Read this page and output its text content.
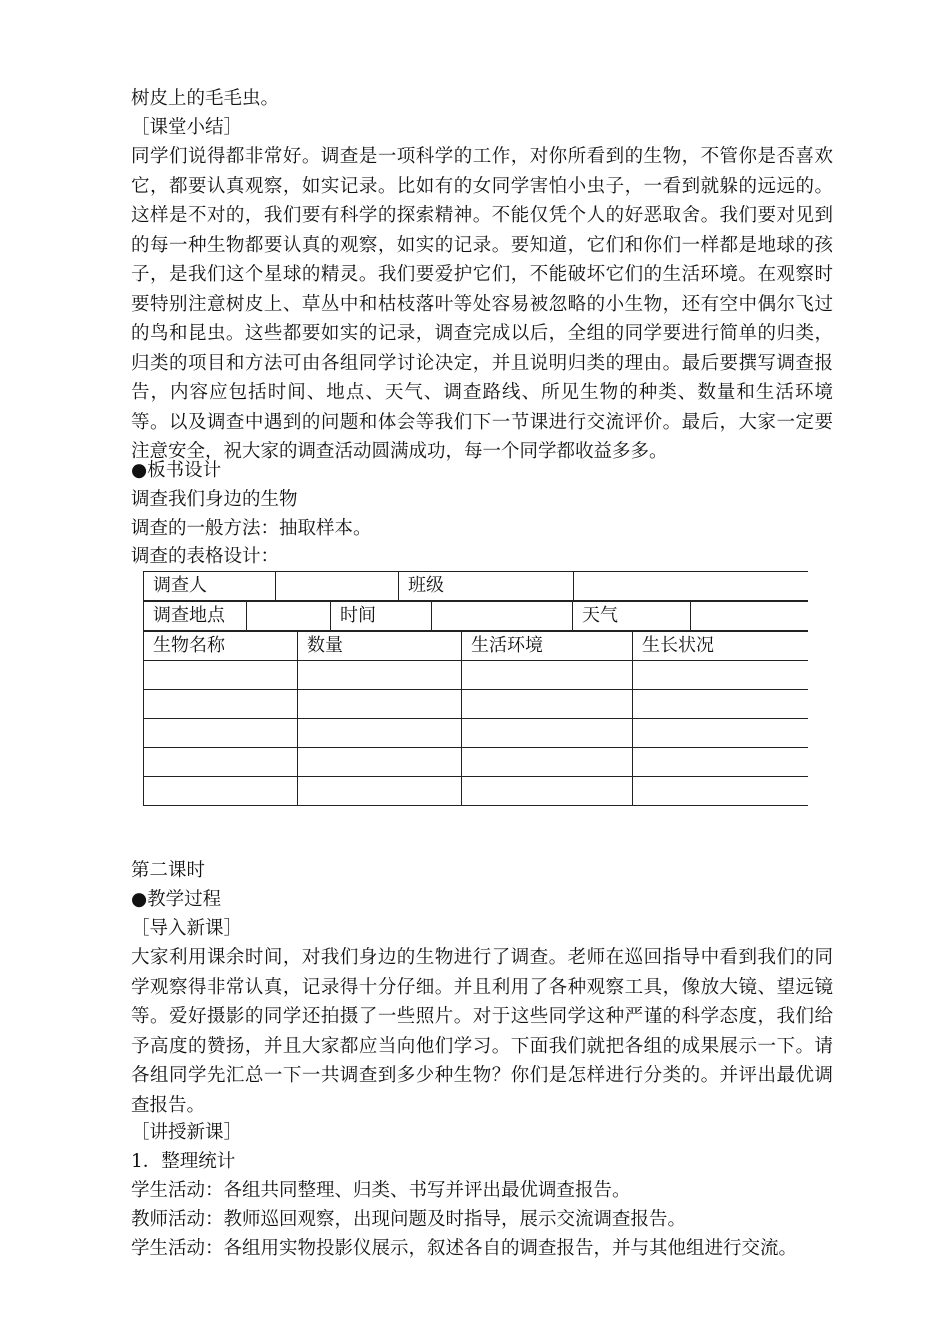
树皮上的毛毛虫。
［课堂小结］
同学们说得都非常好。调查是一项科学的工作，对你所看到的生物，不管你是否喜欢它，都要认真观察，如实记录。比如有的女同学害怕小虫子，一看到就躲的远远的。这样是不对的，我们要有科学的探索精神。不能仅凭个人的好恶取舍。我们要对见到的每一种生物都要认真的观察，如实的记录。要知道，它们和你们一样都是地球的孩子，是我们这个星球的精灵。我们要爱护它们，不能破坏它们的生活环境。在观察时要特别注意树皮上、草丛中和枯枝落叶等处容易被忽略的小生物，还有空中偶尔飞过的鸟和昆虫。这些都要如实的记录，调查完成以后，全组的同学要进行简单的归类，归类的项目和方法可由各组同学讨论决定，并且说明归类的理由。最后要撰写调查报告，内容应包括时间、地点、天气、调查路线、所见生物的种类、数量和生活环境等。以及调查中遇到的问题和体会等我们下一节课进行交流评价。最后，大家一定要注意安全，祝大家的调查活动圆满成功，每一个同学都收益多多。
●板书设计
调查我们身边的生物
调查的一般方法：抽取样本。
调查的表格设计：
调查人		班级	

调查地点		时间		天气	

生物名称	数量	生活环境	生长状况

第二课时
●教学过程
［导入新课］
大家利用课余时间，对我们身边的生物进行了调查。老师在巡回指导中看到我们的同学观察得非常认真，记录得十分仔细。并且利用了各种观察工具，像放大镜、望远镜等。爱好摄影的同学还拍摄了一些照片。对于这些同学这种严谨的科学态度，我们给予高度的赞扬，并且大家都应当向他们学习。下面我们就把各组的成果展示一下。请各组同学先汇总一下一共调查到多少种生物？你们是怎样进行分类的。并评出最优调查报告。
［讲授新课］
1．整理统计
学生活动：各组共同整理、归类、书写并评出最优调查报告。
教师活动：教师巡回观察，出现问题及时指导，展示交流调查报告。
学生活动：各组用实物投影仪展示，叙述各自的调查报告，并与其他组进行交流。
